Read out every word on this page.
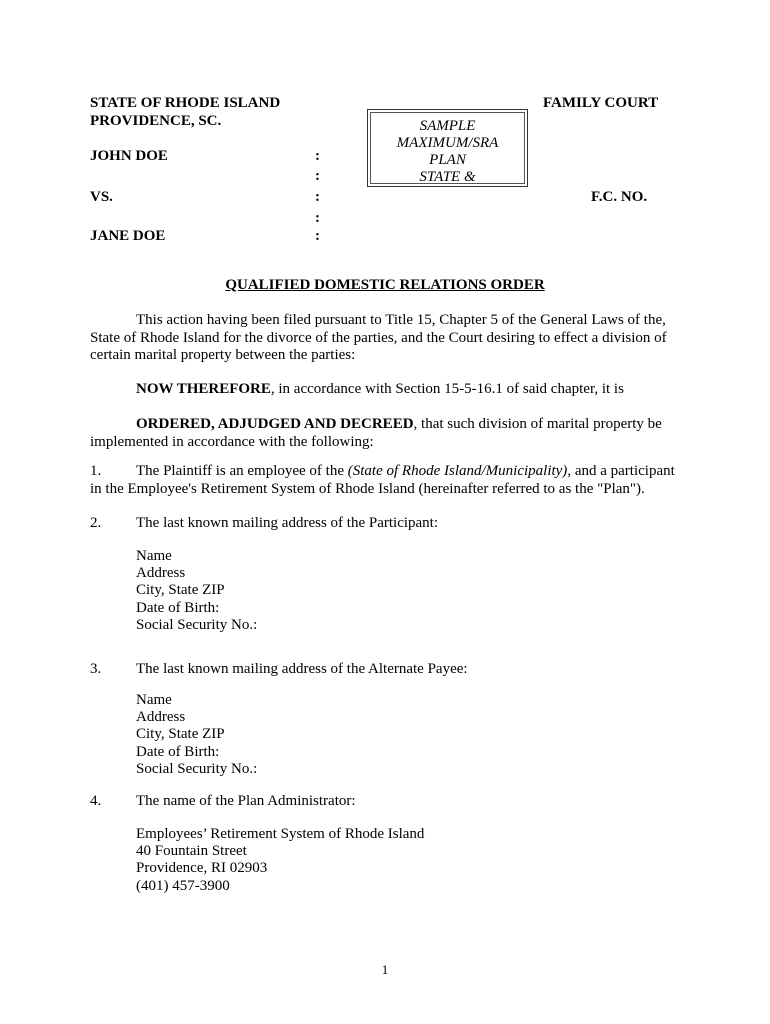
STATE OF RHODE ISLAND
PROVIDENCE, SC.
FAMILY COURT
JOHN DOE
VS.
JANE DOE
F.C. NO.
:
:
:
:
:
SAMPLE
MAXIMUM/SRA
PLAN
STATE &
QUALIFIED DOMESTIC RELATIONS ORDER
This action having been filed pursuant to Title 15, Chapter 5 of the General Laws of the, State of Rhode Island for the divorce of the parties, and the Court desiring to effect a division of certain marital property between the parties:
NOW THEREFORE, in accordance with Section 15-5-16.1 of said chapter, it is
ORDERED, ADJUDGED AND DECREED, that such division of marital property be implemented in accordance with the following:
1. The Plaintiff is an employee of the (State of Rhode Island/Municipality), and a participant in the Employee's Retirement System of Rhode Island (hereinafter referred to as the "Plan").
2. The last known mailing address of the Participant:
Name
Address
City, State ZIP
Date of Birth:
Social Security No.:
3. The last known mailing address of the Alternate Payee:
Name
Address
City, State ZIP
Date of Birth:
Social Security No.:
4. The name of the Plan Administrator:
Employees’ Retirement System of Rhode Island
40 Fountain Street
Providence, RI 02903
(401) 457-3900
1
